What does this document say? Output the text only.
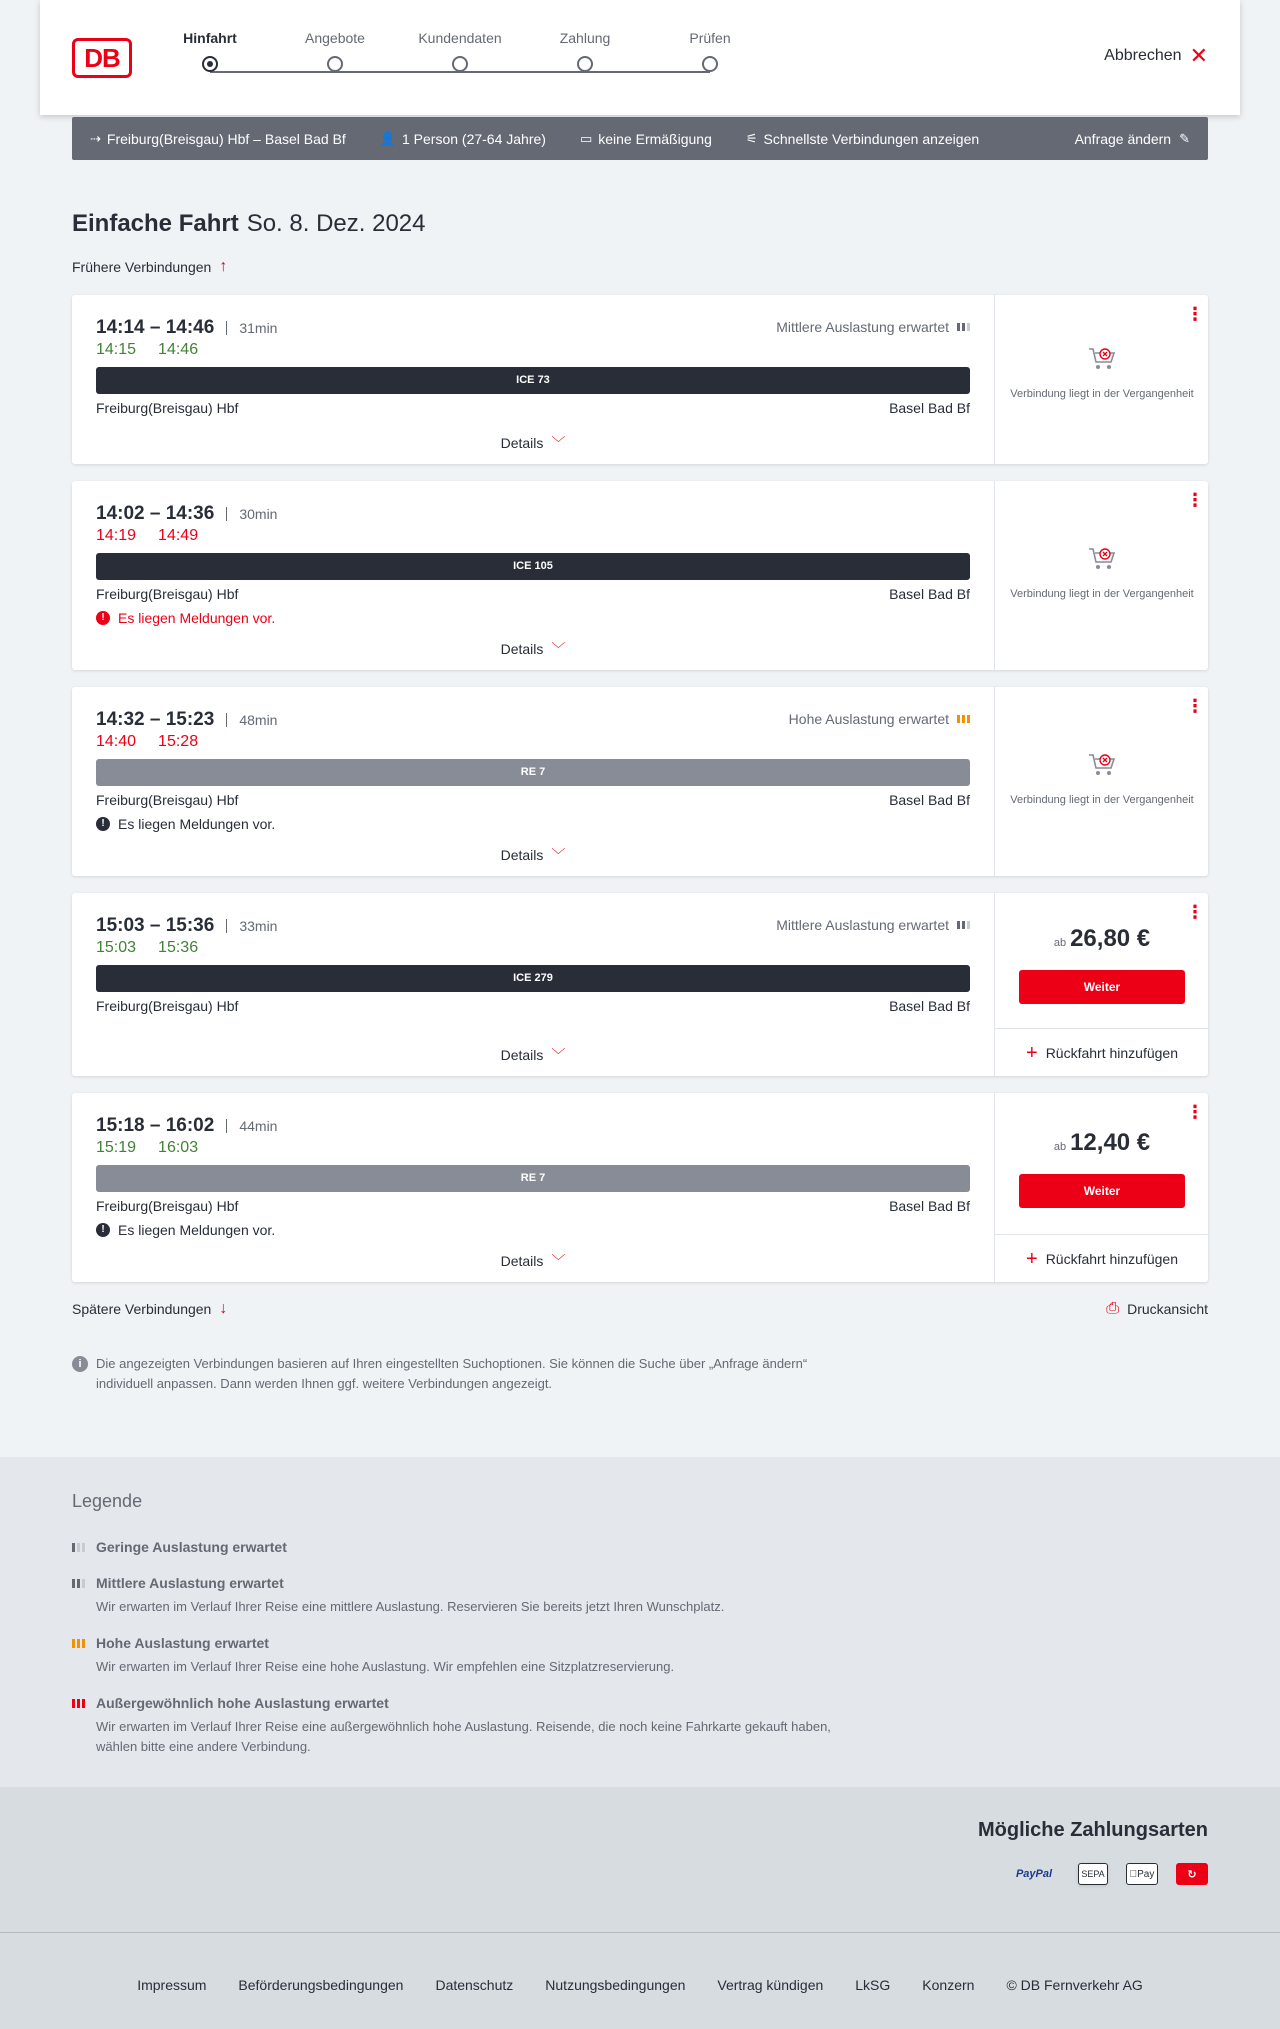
DB
Hinfahrt	Angebote	Kundendaten	Zahlung	Prüfen
Abbrechen ✕
⇢ Freiburg(Breisgau) Hbf – Basel Bad Bf	👤 1 Person (27-64 Jahre)	▭ keine Ermäßigung	⚟ Schnellste Verbindungen anzeigen	Anfrage ändern ✎
Einfache Fahrt So. 8. Dez. 2024
Frühere Verbindungen ↑
14:14 – 14:46	31min
14:15 14:46
Mittlere Auslastung erwartet
ICE 73
Freiburg(Breisgau) Hbf	Basel Bad Bf
Details ﹀
⋮
Verbindung liegt in der Vergangenheit
14:02 – 14:36	30min
14:19 14:49
ICE 105
Freiburg(Breisgau) Hbf	Basel Bad Bf
! Es liegen Meldungen vor.
Details ﹀
⋮
Verbindung liegt in der Vergangenheit
14:32 – 15:23	48min
14:40 15:28
Hohe Auslastung erwartet
RE 7
Freiburg(Breisgau) Hbf	Basel Bad Bf
! Es liegen Meldungen vor.
Details ﹀
⋮
Verbindung liegt in der Vergangenheit
15:03 – 15:36	33min
15:03 15:36
Mittlere Auslastung erwartet
ICE 279
Freiburg(Breisgau) Hbf	Basel Bad Bf
Details ﹀
⋮
ab 26,80 €
Weiter
+ Rückfahrt hinzufügen
15:18 – 16:02	44min
15:19 16:03
RE 7
Freiburg(Breisgau) Hbf	Basel Bad Bf
! Es liegen Meldungen vor.
Details ﹀
⋮
ab 12,40 €
Weiter
+ Rückfahrt hinzufügen
Spätere Verbindungen ↓	⎙ Druckansicht
i	Die angezeigten Verbindungen basieren auf Ihren eingestellten Suchoptionen. Sie können die Suche über „Anfrage ändern“ individuell anpassen. Dann werden Ihnen ggf. weitere Verbindungen angezeigt.
Legende
Geringe Auslastung erwartet
Mittlere Auslastung erwartet
Wir erwarten im Verlauf Ihrer Reise eine mittlere Auslastung. Reservieren Sie bereits jetzt Ihren Wunschplatz.
Hohe Auslastung erwartet
Wir erwarten im Verlauf Ihrer Reise eine hohe Auslastung. Wir empfehlen eine Sitzplatzreservierung.
Außergewöhnlich hohe Auslastung erwartet
Wir erwarten im Verlauf Ihrer Reise eine außergewöhnlich hohe Auslastung. Reisende, die noch keine Fahrkarte gekauft haben, wählen bitte eine andere Verbindung.
Mögliche Zahlungsarten
PayPal	SEPA	Pay	↻
Impressum Beförderungsbedingungen Datenschutz Nutzungsbedingungen Vertrag kündigen LkSG Konzern © DB Fernverkehr AG
